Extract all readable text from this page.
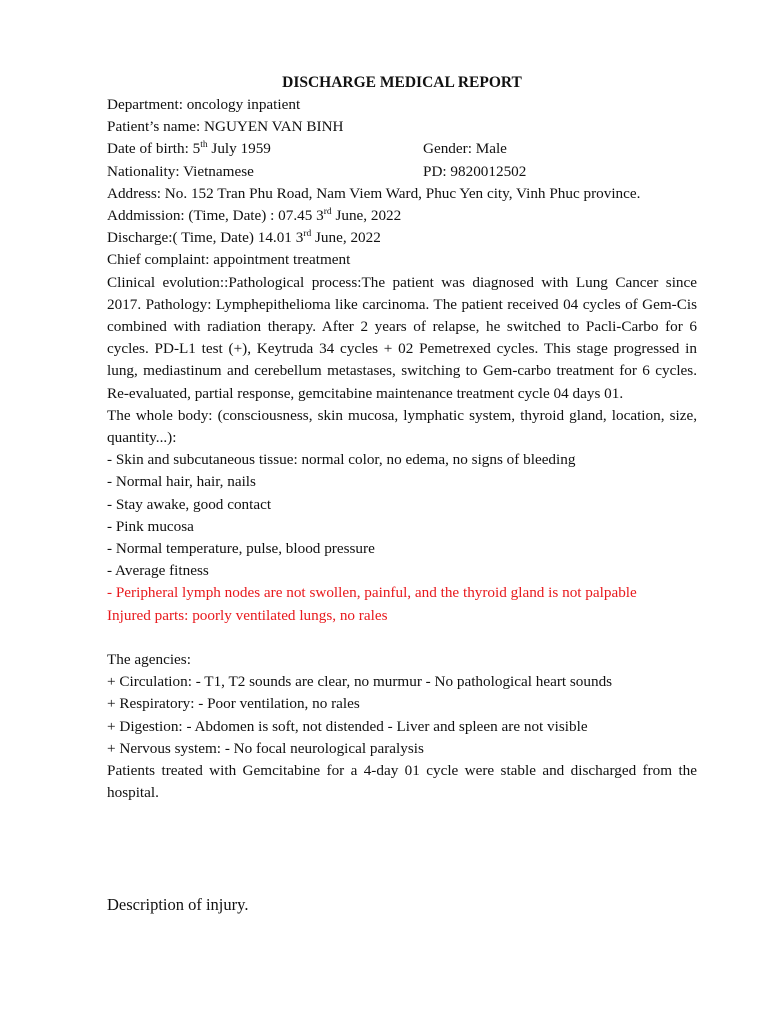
DISCHARGE MEDICAL REPORT

Department: oncology inpatient

Patient’s name: NGUYEN VAN BINH

Date of birth: 5th July 1959	Gender: Male
Nationality: Vietnamese	PD: 9820012502

Address: No. 152 Tran Phu Road, Nam Viem Ward, Phuc Yen city, Vinh Phuc province.

Addmission: (Time, Date) : 07.45 3rd June, 2022

Discharge:( Time, Date) 14.01 3rd June, 2022

Chief complaint: appointment treatment

Clinical evolution::Pathological process:The patient was diagnosed with Lung Cancer since 2017. Pathology: Lymphepithelioma like carcinoma. The patient received 04 cycles of Gem-Cis combined with radiation therapy. After 2 years of relapse, he switched to Pacli-Carbo for 6 cycles. PD-L1 test (+), Keytruda 34 cycles + 02 Pemetrexed cycles. This stage progressed in lung, mediastinum and cerebellum metastases, switching to Gem-carbo treatment for 6 cycles. Re-evaluated, partial response, gemcitabine maintenance treatment cycle 04 days 01.

The whole body: (consciousness, skin mucosa, lymphatic system, thyroid gland, location, size, quantity...):

- Skin and subcutaneous tissue: normal color, no edema, no signs of bleeding

- Normal hair, hair, nails

- Stay awake, good contact

- Pink mucosa

- Normal temperature, pulse, blood pressure

- Average fitness

- Peripheral lymph nodes are not swollen, painful, and the thyroid gland is not palpable

Injured parts: poorly ventilated lungs, no rales

The agencies:

+ Circulation: - T1, T2 sounds are clear, no murmur - No pathological heart sounds

+ Respiratory: - Poor ventilation, no rales

+ Digestion: - Abdomen is soft, not distended - Liver and spleen are not visible

+ Nervous system: - No focal neurological paralysis

Patients treated with Gemcitabine for a 4-day 01 cycle were stable and discharged from the hospital.

Description of injury.
